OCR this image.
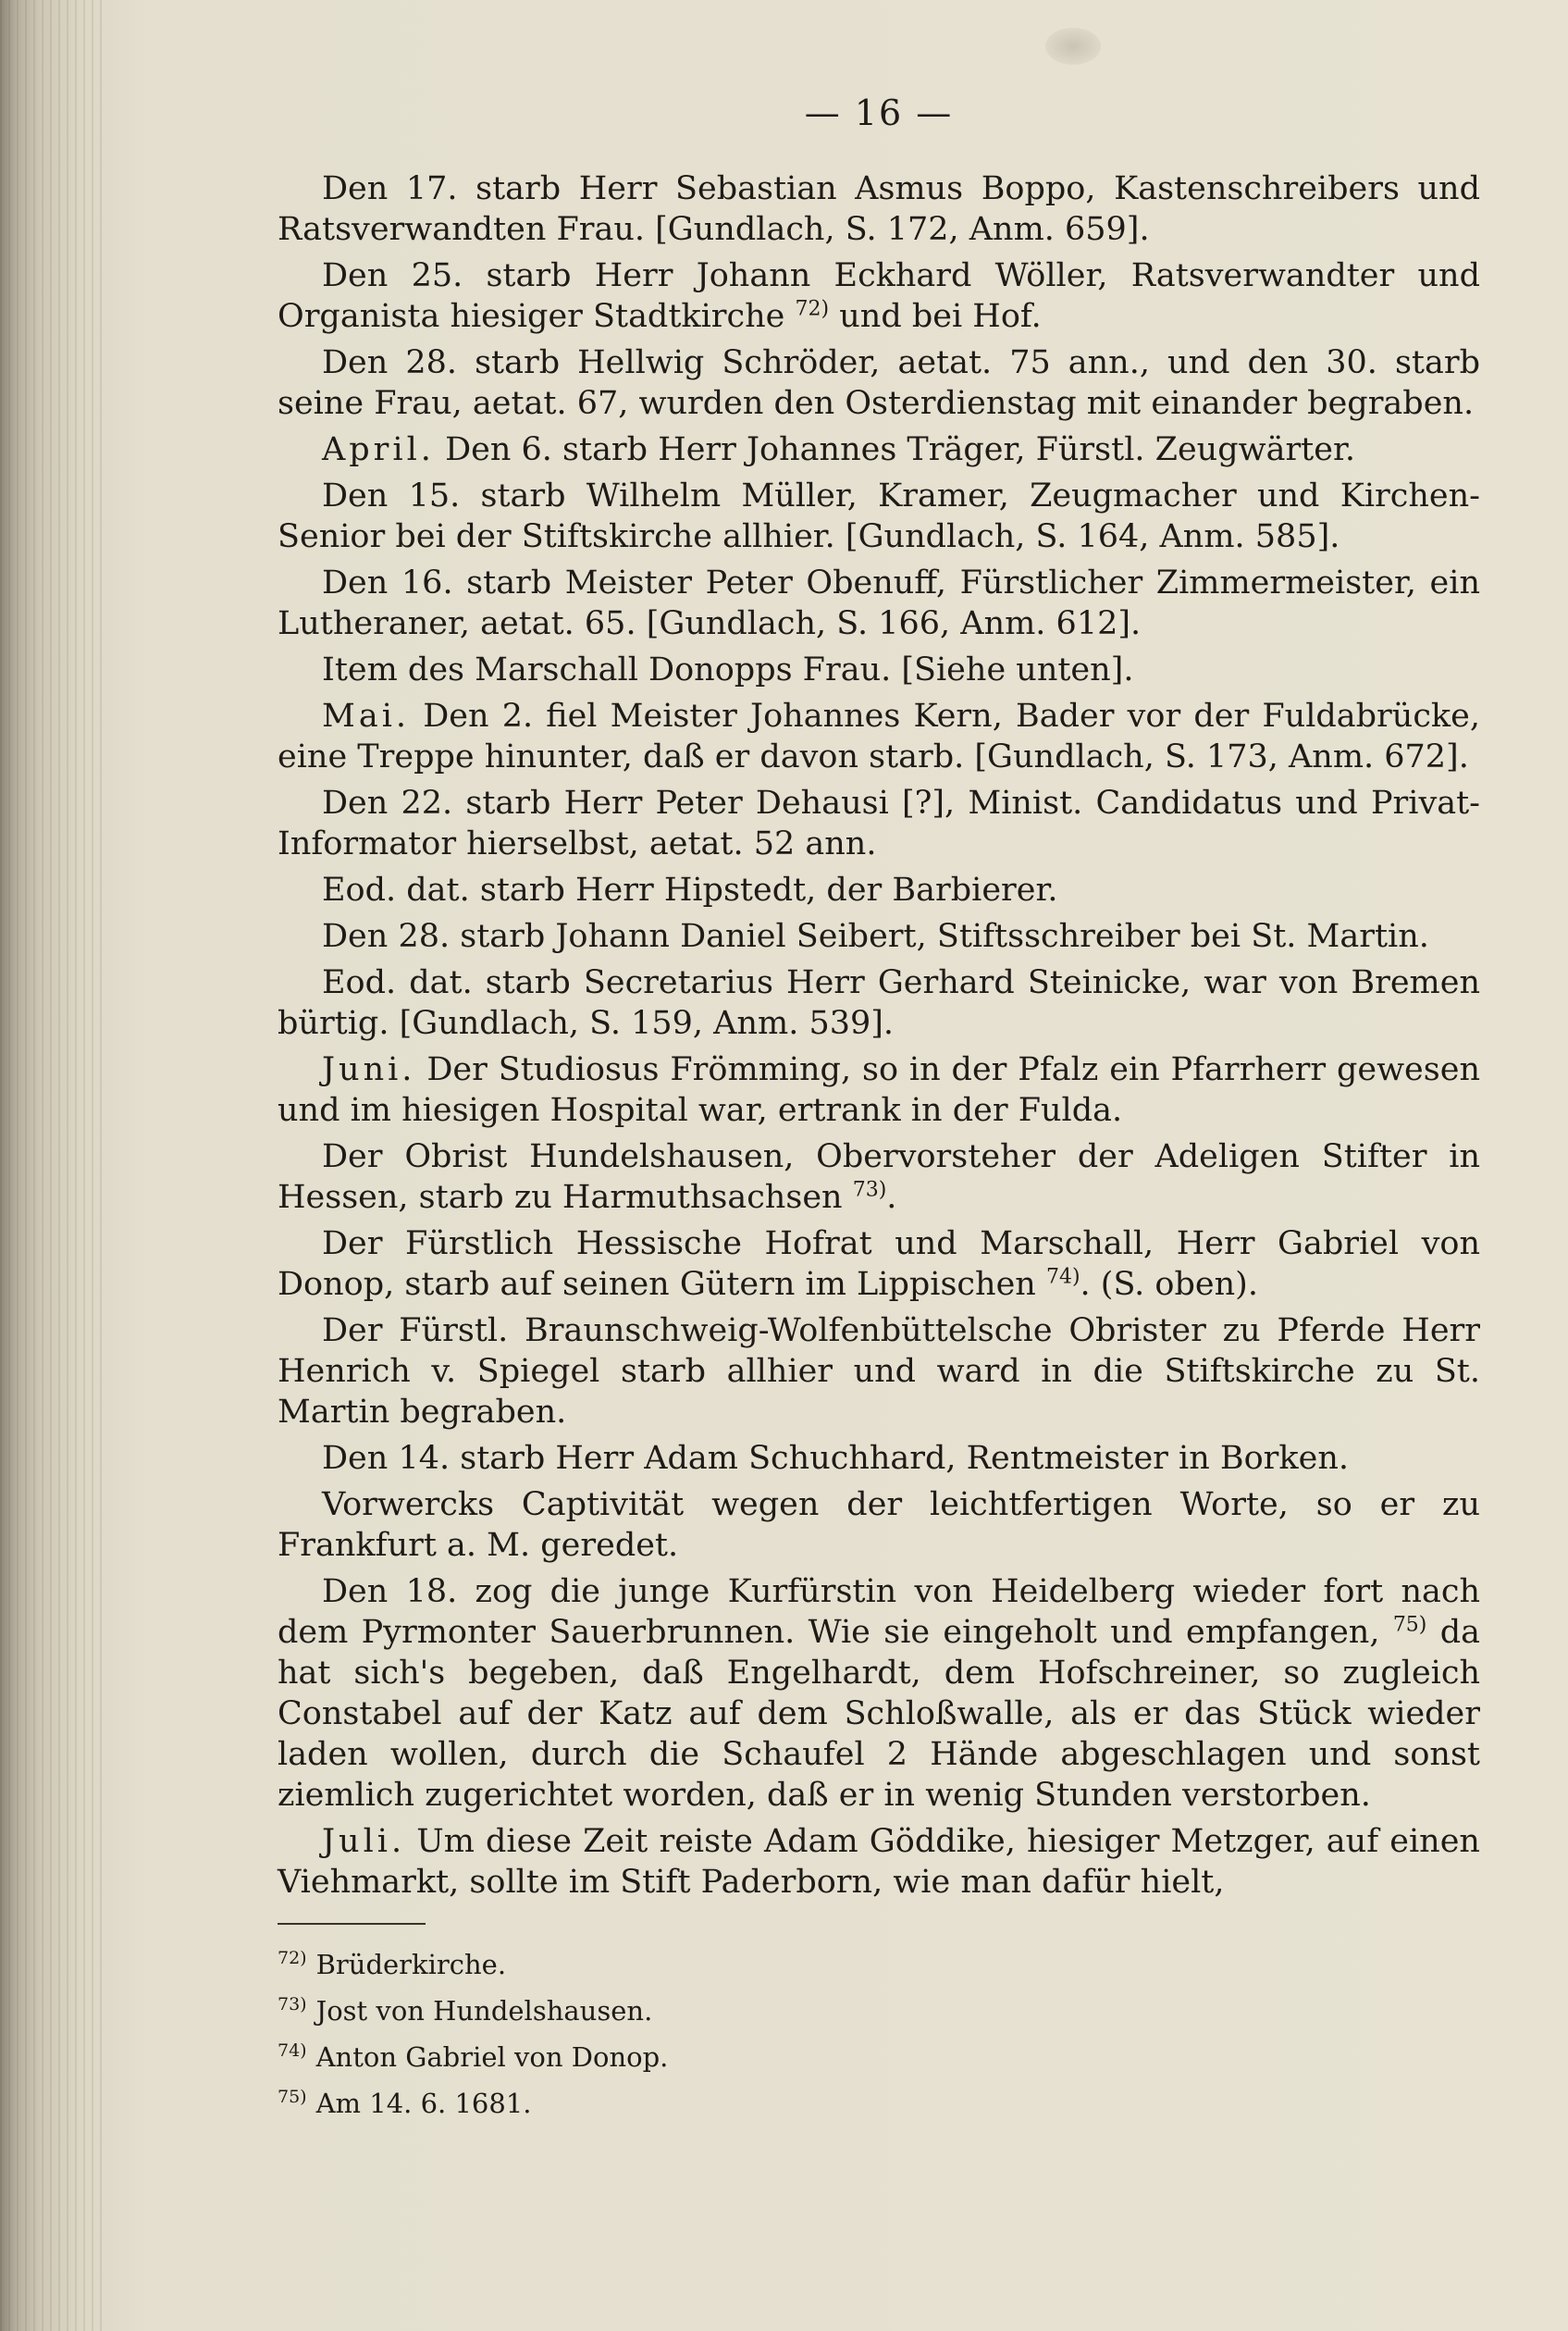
— 16 —

Den 17. starb Herr Sebastian Asmus Boppo, Kastenschreibers und Ratsverwandten Frau. [Gundlach, S. 172, Anm. 659].

Den 25. starb Herr Johann Eckhard Wöller, Ratsverwandter und Organista hiesiger Stadtkirche $^{72)}$ und bei Hof.

Den 28. starb Hellwig Schröder, aetat. 75 ann., und den 30. starb seine Frau, aetat. 67, wurden den Osterdienstag mit einander begraben.

April. Den 6. starb Herr Johannes Träger, Fürstl. Zeugwärter.

Den 15. starb Wilhelm Müller, Kramer, Zeugmacher und Kirchen-Senior bei der Stiftskirche allhier. [Gundlach, S. 164, Anm. 585].

Den 16. starb Meister Peter Obenuff, Fürstlicher Zimmermeister, ein Lutheraner, aetat. 65. [Gundlach, S. 166, Anm. 612].

Item des Marschall Donopps Frau. [Siehe unten].

Mai. Den 2. fiel Meister Johannes Kern, Bader vor der Fuldabrücke, eine Treppe hinunter, daß er davon starb. [Gundlach, S. 173, Anm. 672].

Den 22. starb Herr Peter Dehausi [?], Minist. Candidatus und Privat-Informator hierselbst, aetat. 52 ann.

Eod. dat. starb Herr Hipstedt, der Barbierer.

Den 28. starb Johann Daniel Seibert, Stiftsschreiber bei St. Martin.

Eod. dat. starb Secretarius Herr Gerhard Steinicke, war von Bremen bürtig. [Gundlach, S. 159, Anm. 539].

Juni. Der Studiosus Frömming, so in der Pfalz ein Pfarrherr gewesen und im hiesigen Hospital war, ertrank in der Fulda.

Der Obrist Hundelshausen, Obervorsteher der Adeligen Stifter in Hessen, starb zu Harmuthsachsen $^{73)}$.

Der Fürstlich Hessische Hofrat und Marschall, Herr Gabriel von Donop, starb auf seinen Gütern im Lippischen $^{74)}$. (S. oben).

Der Fürstl. Braunschweig-Wolfenbüttelsche Obrister zu Pferde Herr Henrich v. Spiegel starb allhier und ward in die Stiftskirche zu St. Martin begraben.

Den 14. starb Herr Adam Schuchhard, Rentmeister in Borken.

Vorwercks Captivität wegen der leichtfertigen Worte, so er zu Frankfurt a. M. geredet.

Den 18. zog die junge Kurfürstin von Heidelberg wieder fort nach dem Pyrmonter Sauerbrunnen. Wie sie eingeholt und empfangen, $^{75)}$ da hat sich's begeben, daß Engelhardt, dem Hofschreiner, so zugleich Constabel auf der Katz auf dem Schloßwalle, als er das Stück wieder laden wollen, durch die Schaufel 2 Hände abgeschlagen und sonst ziemlich zugerichtet worden, daß er in wenig Stunden verstorben.

Juli. Um diese Zeit reiste Adam Göddike, hiesiger Metzger, auf einen Viehmarkt, sollte im Stift Paderborn, wie man dafür hielt,

$^{72)}$ Brüderkirche.

$^{73)}$ Jost von Hundelshausen.

$^{74)}$ Anton Gabriel von Donop.

$^{75)}$ Am 14. 6. 1681.
